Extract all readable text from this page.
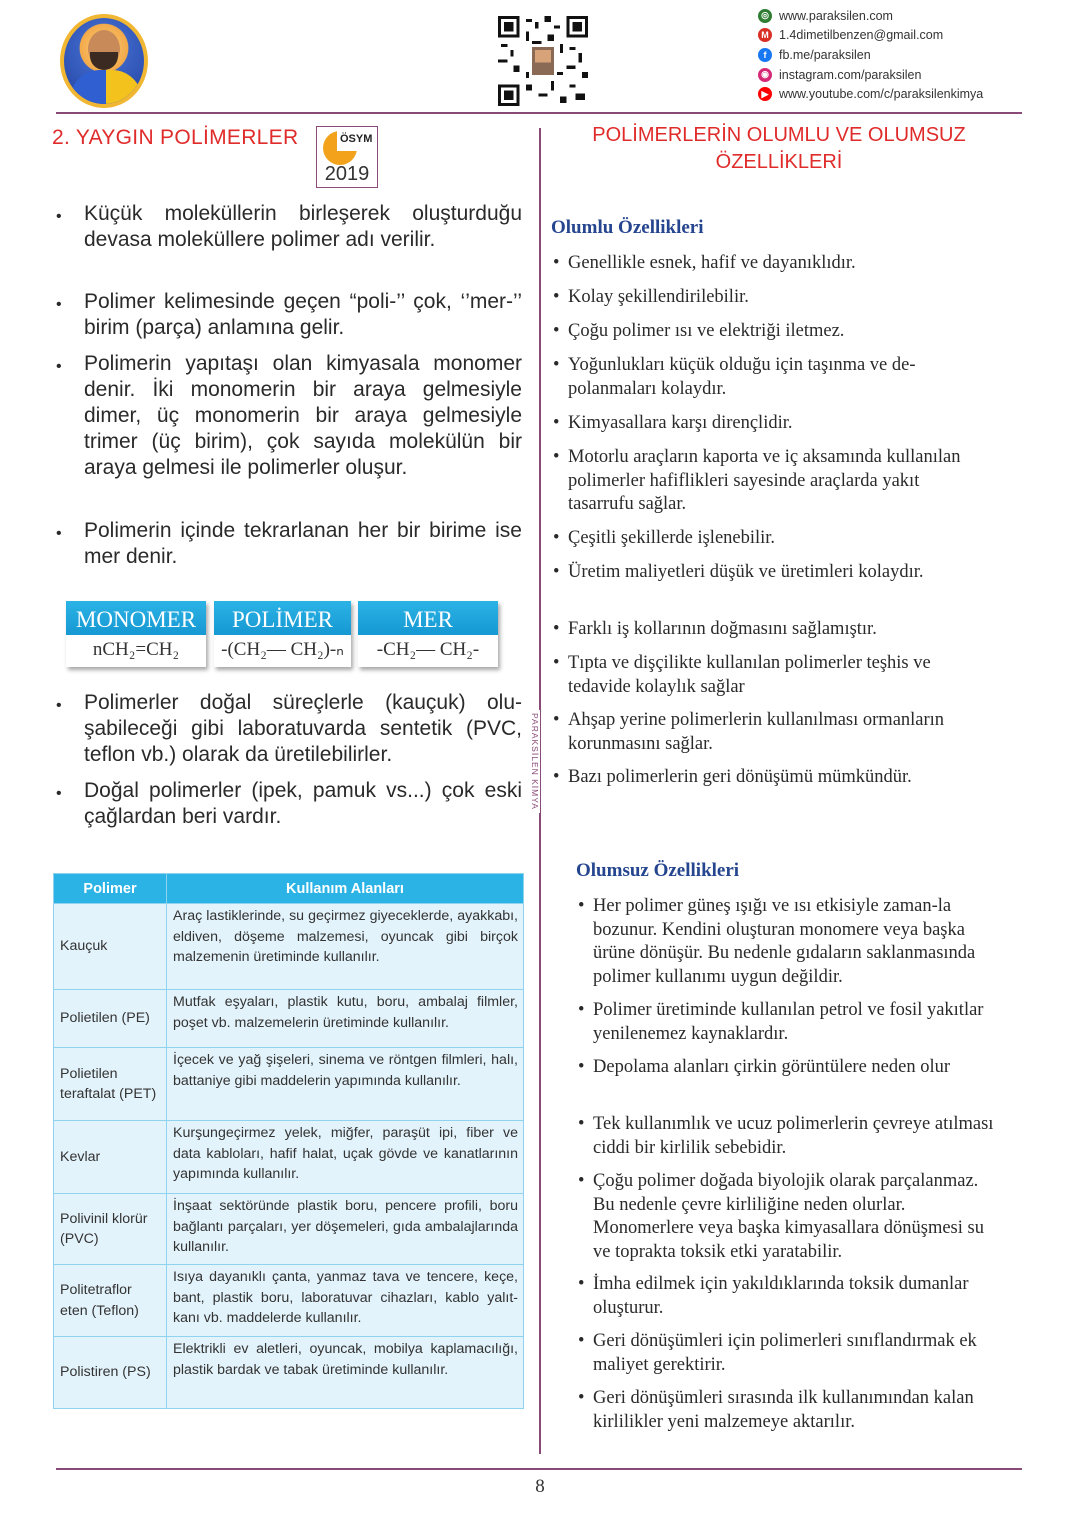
◎ www.paraksilen.com
M 1.4dimetilbenzen@gmail.com
f	fb.me/paraksilen
◉ instagram.com/paraksilen
▶ www.youtube.com/c/paraksilenkimya
2. YAYGIN POLİMERLER	ÖSYM
2019
• Küçük moleküllerin birleşerek oluşturduğu devasa moleküllere polimer adı verilir.
• Polimer kelimesinde geçen “poli-’’ çok, ‘’mer-’’ birim (parça) anlamına gelir.
• Polimerin yapıtaşı olan kimyasala monomer denir. İki monomerin bir araya gelmesiyle dimer, üç monomerin bir araya gelmesiyle trimer (üç birim), çok sayıda molekülün bir araya gelmesi ile polimerler oluşur.
• Polimerin içinde tekrarlanan her bir birime ise mer denir.
MONOMER
nCH₂=CH₂
POLİMER
-(CH₂— CH₂)-ₙ
MER
-CH₂— CH₂-
• Polimerler doğal süreçlerle (kauçuk) oluşabileceği gibi laboratuvarda sentetik (PVC, teflon vb.) olarak da üretilebilirler.
• Doğal polimerler (ipek, pamuk vs...) çok eski çağlardan beri vardır.
Polimer	Kullanım Alanları
Kauçuk	Araç lastiklerinde, su geçirmez giyeceklerde, ayakkabı, eldiven, döşeme malzemesi, oyuncak gibi birçok malzemenin üretiminde kullanılır.
Polietilen (PE)	Mutfak eşyaları, plastik kutu, boru, ambalaj filmler, poşet vb. malzemelerin üretiminde kullanılır.
Polietilen teraftalat (PET)	İçecek ve yağ şişeleri, sinema ve röntgen filmleri, halı, battaniye gibi maddelerin yapımında kullanılır.
Kevlar	Kurşungeçirmez yelek, miğfer, paraşüt ipi, fiber ve data kabloları, hafif halat, uçak gövde ve kanatlarının yapımında kullanılır.
Polivinil klorür (PVC)	İnşaat sektöründe plastik boru, pencere profili, boru bağlantı parçaları, yer döşemeleri, gıda ambalajlarında kullanılır.
Politetraflor eten (Teflon)	Isıya dayanıklı çanta, yanmaz tava ve tencere, keçe, bant, plastik boru, laboratuvar cihazları, kablo yalıt-kanı vb. maddelerde kullanılır.
Polistiren (PS)	Elektrikli ev aletleri, oyuncak, mobilya kaplamacılığı, plastik bardak ve tabak üretiminde kullanılır.
PARAKSİLEN KİMYA
POLİMERLERİN OLUMLU VE OLUMSUZ
ÖZELLİKLERİ
Olumlu Özellikleri
• Genellikle esnek, hafif ve dayanıklıdır.
• Kolay şekillendirilebilir.
• Çoğu polimer ısı ve elektriği iletmez.
• Yoğunlukları küçük olduğu için taşınma ve depolanmaları kolaydır.
• Kimyasallara karşı dirençlidir.
• Motorlu araçların kaporta ve iç aksamında kullanılan polimerler hafiflikleri sayesinde araçlarda yakıt tasarrufu sağlar.
• Çeşitli şekillerde işlenebilir.
• Üretim maliyetleri düşük ve üretimleri kolaydır.
• Farklı iş kollarının doğmasını sağlamıştır.
• Tıpta ve dişçilikte kullanılan polimerler teşhis ve tedavide kolaylık sağlar
• Ahşap yerine polimerlerin kullanılması ormanların korunmasını sağlar.
• Bazı polimerlerin geri dönüşümü mümkündür.
Olumsuz Özellikleri
• Her polimer güneş ışığı ve ısı etkisiyle zaman-la bozunur. Kendini oluşturan monomere veya başka ürüne dönüşür. Bu nedenle gıdaların saklanmasında polimer kullanımı uygun değildir.
• Polimer üretiminde kullanılan petrol ve fosil yakıtlar yenilenemez kaynaklardır.
• Depolama alanları çirkin görüntülere neden olur
• Tek kullanımlık ve ucuz polimerlerin çevreye atılması ciddi bir kirlilik sebebidir.
• Çoğu polimer doğada biyolojik olarak parçalanmaz. Bu nedenle çevre kirliliğine neden olurlar. Monomerlere veya başka kimyasallara dönüşmesi su ve toprakta toksik etki yaratabilir.
• İmha edilmek için yakıldıklarında toksik dumanlar oluşturur.
• Geri dönüşümleri için polimerleri sınıflandırmak ek maliyet gerektirir.
• Geri dönüşümleri sırasında ilk kullanımından kalan kirlilikler yeni malzemeye aktarılır.
8
